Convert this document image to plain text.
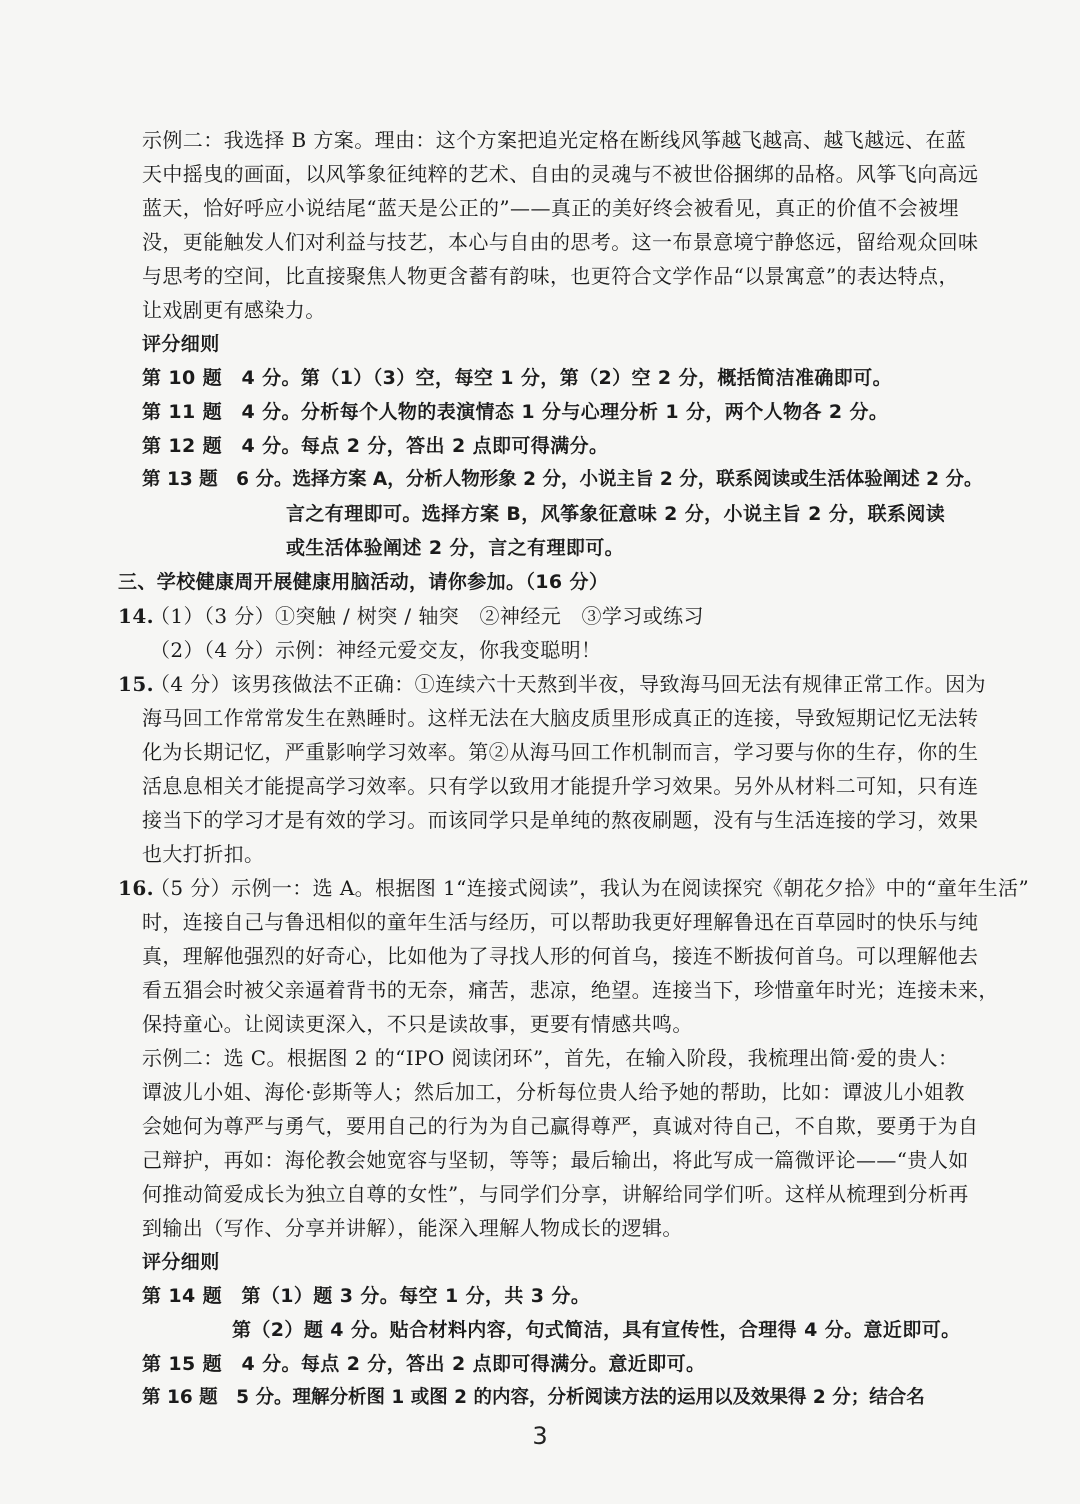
示例二：我选择 B 方案。理由：这个方案把追光定格在断线风筝越飞越高、越飞越远、在蓝
天中摇曳的画面，以风筝象征纯粹的艺术、自由的灵魂与不被世俗捆绑的品格。风筝飞向高远
蓝天，恰好呼应小说结尾“蓝天是公正的”——真正的美好终会被看见，真正的价值不会被埋
没，更能触发人们对利益与技艺，本心与自由的思考。这一布景意境宁静悠远，留给观众回味
与思考的空间，比直接聚焦人物更含蓄有韵味，也更符合文学作品“以景寓意”的表达特点，
让戏剧更有感染力。
评分细则
第 10 题　4 分。第（1）（3）空，每空 1 分，第（2）空 2 分，概括简洁准确即可。
第 11 题　4 分。分析每个人物的表演情态 1 分与心理分析 1 分，两个人物各 2 分。
第 12 题　4 分。每点 2 分，答出 2 点即可得满分。
第 13 题　6 分。选择方案 A，分析人物形象 2 分，小说主旨 2 分，联系阅读或生活体验阐述 2 分。
言之有理即可。选择方案 B，风筝象征意味 2 分，小说主旨 2 分，联系阅读
或生活体验阐述 2 分，言之有理即可。
三、学校健康周开展健康用脑活动，请你参加。（16 分）
14.
（1）（3 分）①突触 / 树突 / 轴突　②神经元　③学习或练习
（2）（4 分）示例：神经元爱交友，你我变聪明！
15.
（4 分）该男孩做法不正确：①连续六十天熬到半夜，导致海马回无法有规律正常工作。因为
海马回工作常常发生在熟睡时。这样无法在大脑皮质里形成真正的连接，导致短期记忆无法转
化为长期记忆，严重影响学习效率。第②从海马回工作机制而言，学习要与你的生存，你的生
活息息相关才能提高学习效率。只有学以致用才能提升学习效果。另外从材料二可知，只有连
接当下的学习才是有效的学习。而该同学只是单纯的熬夜刷题，没有与生活连接的学习，效果
也大打折扣。
16.
（5 分）示例一：选 A。根据图 1“连接式阅读”，我认为在阅读探究《朝花夕拾》中的“童年生活”
时，连接自己与鲁迅相似的童年生活与经历，可以帮助我更好理解鲁迅在百草园时的快乐与纯
真，理解他强烈的好奇心，比如他为了寻找人形的何首乌，接连不断拔何首乌。可以理解他去
看五猖会时被父亲逼着背书的无奈，痛苦，悲凉，绝望。连接当下，珍惜童年时光；连接未来，
保持童心。让阅读更深入，不只是读故事，更要有情感共鸣。
示例二：选 C。根据图 2 的“IPO 阅读闭环”，首先，在输入阶段，我梳理出简·爱的贵人：
谭波儿小姐、海伦·彭斯等人；然后加工，分析每位贵人给予她的帮助，比如：谭波儿小姐教
会她何为尊严与勇气，要用自己的行为为自己赢得尊严，真诚对待自己，不自欺，要勇于为自
己辩护，再如：海伦教会她宽容与坚韧，等等；最后输出，将此写成一篇微评论——“贵人如
何推动简爱成长为独立自尊的女性”，与同学们分享，讲解给同学们听。这样从梳理到分析再
到输出（写作、分享并讲解），能深入理解人物成长的逻辑。
评分细则
第 14 题　第（1）题 3 分。每空 1 分，共 3 分。
第（2）题 4 分。贴合材料内容，句式简洁，具有宣传性，合理得 4 分。意近即可。
第 15 题　4 分。每点 2 分，答出 2 点即可得满分。意近即可。
第 16 题　5 分。理解分析图 1 或图 2 的内容，分析阅读方法的运用以及效果得 2 分；结合名
3
